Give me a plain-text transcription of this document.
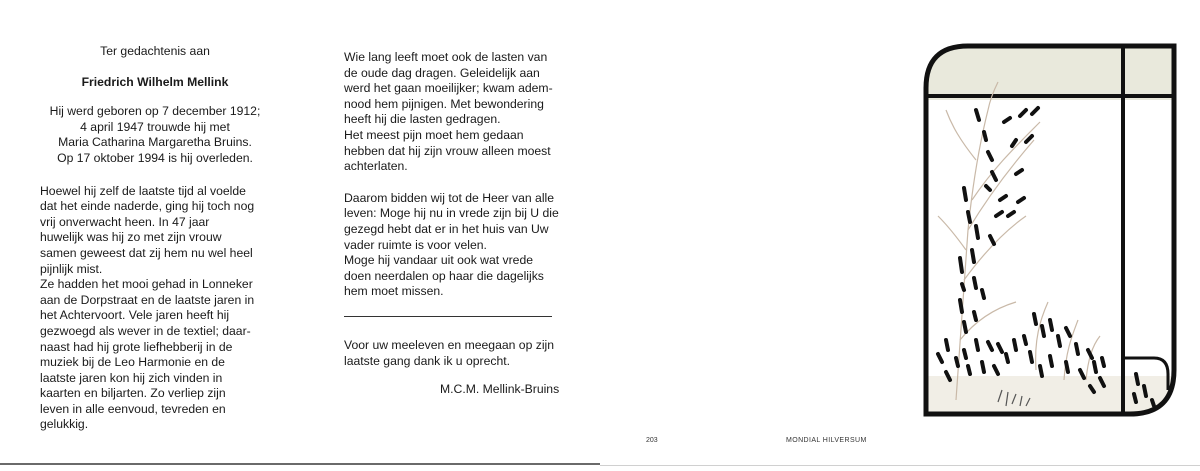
Ter gedachtenis aan
Friedrich Wilhelm Mellink
Hij werd geboren op 7 december 1912;
4 april 1947 trouwde hij met
Maria Catharina Margaretha Bruins.
Op 17 oktober 1994 is hij overleden.

Hoewel hij zelf de laatste tijd al voelde

dat het einde naderde, ging hij toch nog

vrij onverwacht heen. In 47 jaar

huwelijk was hij zo met zijn vrouw

samen geweest dat zij hem nu wel heel

pijnlijk mist.

Ze hadden het mooi gehad in Lonneker

aan de Dorpstraat en de laatste jaren in

het Achtervoort. Vele jaren heeft hij

gezwoegd als wever in de textiel; daar-

naast had hij grote liefhebberij in de

muziek bij de Leo Harmonie en de

laatste jaren kon hij zich vinden in

kaarten en biljarten. Zo verliep zijn

leven in alle eenvoud, tevreden en

gelukkig.

Wie lang leeft moet ook de lasten van

de oude dag dragen. Geleidelijk aan

werd het gaan moeilijker; kwam adem-

nood hem pijnigen. Met bewondering

heeft hij die lasten gedragen.

Het meest pijn moet hem gedaan

hebben dat hij zijn vrouw alleen moest

achterlaten.

Daarom bidden wij tot de Heer van alle

leven: Moge hij nu in vrede zijn bij U die

gezegd hebt dat er in het huis van Uw

vader ruimte is voor velen.

Moge hij vandaar uit ook wat vrede

doen neerdalen op haar die dagelijks

hem moet missen.

Voor uw meeleven en meegaan op zijn
laatste gang dank ik u oprecht.
M.C.M. Mellink-Bruins
203	MONDIAL HILVERSUM
